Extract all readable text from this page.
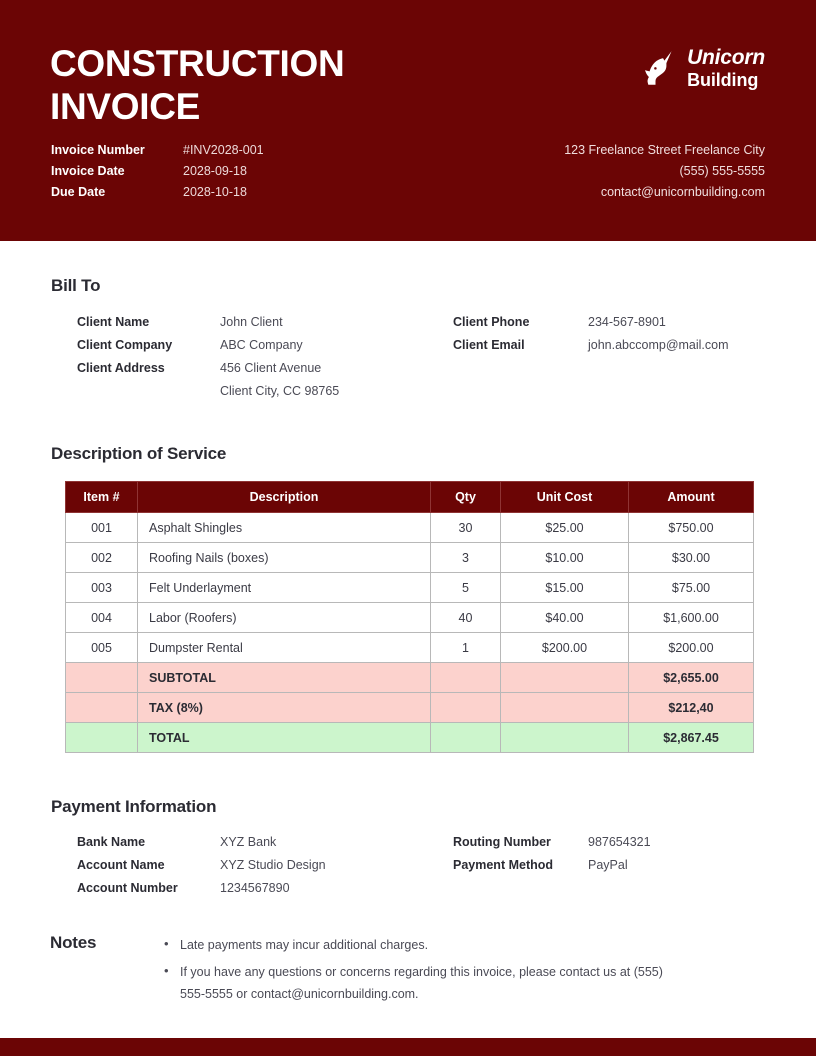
CONSTRUCTION
INVOICE
Unicorn
Building
Invoice Number	#INV2028-001
Invoice Date	2028-09-18
Due Date	2028-10-18
123 Freelance Street Freelance City
(555) 555-5555
contact@unicornbuilding.com
Bill To
Client Name	John Client
Client Company	ABC Company
Client Address	456 Client Avenue
Client City, CC 98765
Client Phone	234-567-8901
Client Email	john.abccomp@mail.com
Description of Service
Item #	Description	Qty	Unit Cost	Amount
001	Asphalt Shingles	30	$25.00	$750.00
002	Roofing Nails (boxes)	3	$10.00	$30.00
003	Felt Underlayment	5	$15.00	$75.00
004	Labor (Roofers)	40	$40.00	$1,600.00
005	Dumpster Rental	1	$200.00	$200.00
	SUBTOTAL			$2,655.00
	TAX (8%)			$212,40
	TOTAL			$2,867.45
Payment Information
Bank Name	XYZ Bank
Account Name	XYZ Studio Design
Account Number	1234567890
Routing Number	987654321
Payment Method	PayPal
Notes	• Late payments may incur additional charges.
• If you have any questions or concerns regarding this invoice, please contact us at (555) 555-5555 or contact@unicornbuilding.com.
